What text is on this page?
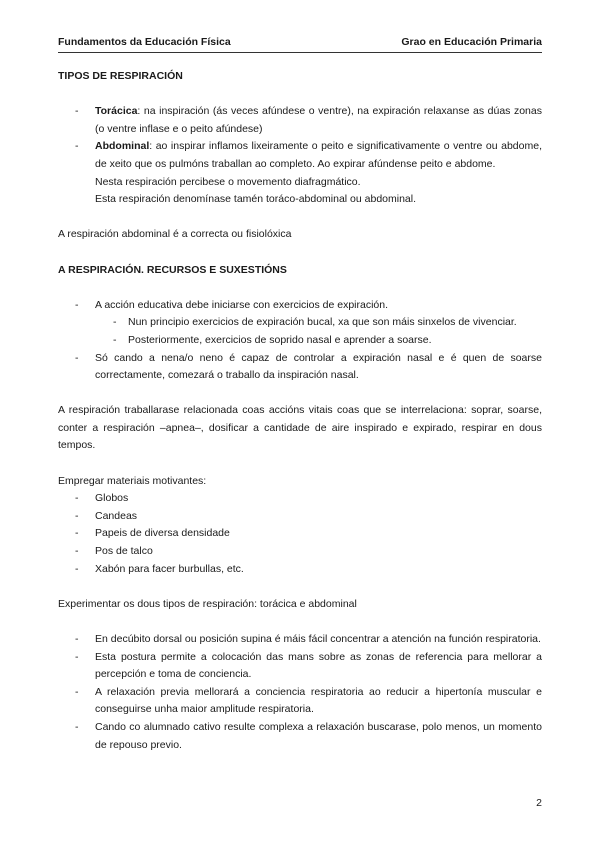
Fundamentos da Educación Física	Grao en Educación Primaria

TIPOS DE RESPIRACIÓN

- Torácica: na inspiración (ás veces afúndese o ventre), na expiración relaxanse as dúas zonas (o ventre inflase e o peito afúndese)
- Abdominal: ao inspirar inflamos lixeiramente o peito e significativamente o ventre ou abdome, de xeito que os pulmóns traballan ao completo. Ao expirar afúndense peito e abdome.

Nesta respiración percibese o movemento diafragmático.

Esta respiración denomínase tamén toráco-abdominal ou abdominal.

A respiración abdominal é a correcta ou fisiolóxica

A RESPIRACIÓN. RECURSOS E SUXESTIÓNS

- A acción educativa debe iniciarse con exercicios de expiración.
- Nun principio exercicios de expiración bucal, xa que son máis sinxelos de vivenciar.
- Posteriormente, exercicios de soprido nasal e aprender a soarse.
- Só cando a nena/o neno é capaz de controlar a expiración nasal e é quen de soarse correctamente, comezará o traballo da inspiración nasal.

A respiración traballarase relacionada coas accións vitais coas que se interrelaciona: soprar, soarse, conter a respiración –apnea–, dosificar a cantidade de aire inspirado e expirado, respirar en dous tempos.

Empregar materiais motivantes:

- Globos
- Candeas
- Papeis de diversa densidade
- Pos de talco
- Xabón para facer burbullas, etc.

Experimentar os dous tipos de respiración: torácica e abdominal

- En decúbito dorsal ou posición supina é máis fácil concentrar a atención na función respiratoria.
- Esta postura permite a colocación das mans sobre as zonas de referencia para mellorar a percepción e toma de conciencia.
- A relaxación previa mellorará a conciencia respiratoria ao reducir a hipertonía muscular e conseguirse unha maior amplitude respiratoria.
- Cando co alumnado cativo resulte complexa a relaxación buscarase, polo menos, un momento de repouso previo.
2
